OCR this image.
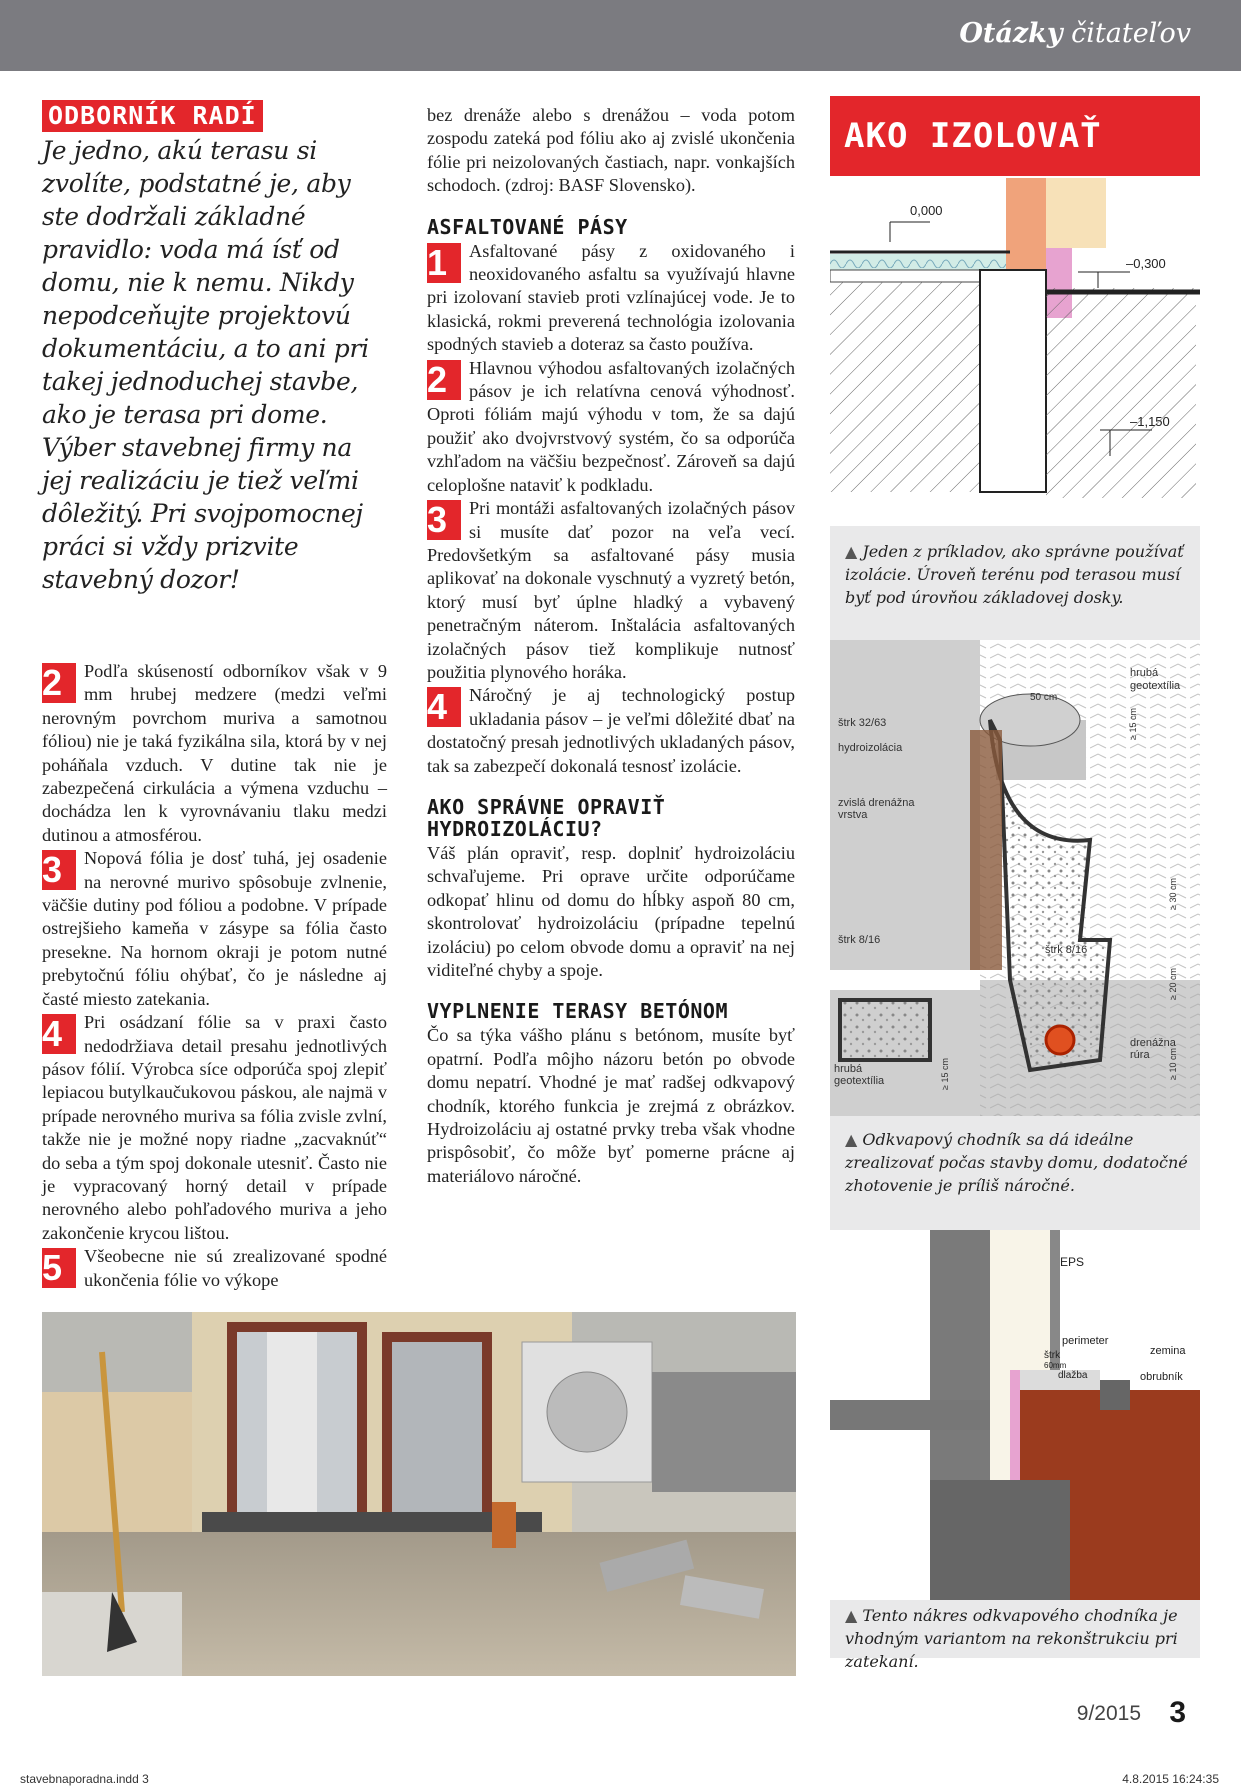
Otázky čitateľov
ODBORNÍK RADÍ
Je jedno, akú terasu si zvolíte, podstatné je, aby ste dodržali základné pravidlo: voda má ísť od domu, nie k nemu. Nikdy nepodceňujte projektovú dokumentáciu, a to ani pri takej jednoduchej stavbe, ako je terasa pri dome. Výber stavebnej firmy na jej realizáciu je tiež veľmi dôležitý. Pri svojpomocnej práci si vždy prizvite stavebný dozor!
2	Podľa skúseností odborníkov však v 9 mm hrubej medzere (medzi veľmi nerovným povrchom muriva a samotnou fóliou) nie je taká fyzikálna sila, ktorá by v nej poháňala vzduch. V dutine tak nie je zabezpečená cirkulácia a výmena vzduchu – dochádza len k vyrovnávaniu tlaku medzi dutinou a atmosférou.
3	Nopová fólia je dosť tuhá, jej osadenie na nerovné murivo spôsobuje zvlnenie, väčšie dutiny pod fóliou a podobne. V prípade ostrejšieho kameňa v zásype sa fólia často presekne. Na hornom okraji je potom nutné prebytočnú fóliu ohýbať, čo je následne aj časté miesto zatekania.
4	Pri osádzaní fólie sa v praxi často nedodržiava detail presahu jednotlivých pásov fólií. Výrobca síce odporúča spoj zlepiť lepiacou butylkaučukovou páskou, ale najmä v prípade nerovného muriva sa fólia zvisle zvlní, takže nie je možné nopy riadne „zacvaknúť“ do seba a tým spoj dokonale utesniť. Často nie je vypracovaný horný detail v prípade nerovného alebo pohľadového muriva a jeho zakončenie krycou lištou.
5	Všeobecne nie sú zrealizované spodné ukončenia fólie vo výkope
bez drenáže alebo s drenážou – voda potom zospodu zateká pod fóliu ako aj zvislé ukončenia fólie pri neizolovaných častiach, napr. vonkajších schodoch. (zdroj: BASF Slovensko).
ASFALTOVANÉ PÁSY
1	Asfaltované pásy z oxidovaného i neoxidovaného asfaltu sa využívajú hlavne pri izolovaní stavieb proti vzlínajúcej vode. Je to klasická, rokmi preverená technológia izolovania spodných stavieb a doteraz sa často používa.
2	Hlavnou výhodou asfaltovaných izolačných pásov je ich relatívna cenová výhodnosť. Oproti fóliám majú výhodu v tom, že sa dajú použiť ako dvojvrstvový systém, čo sa odporúča vzhľadom na väčšiu bezpečnosť. Zároveň sa dajú celoplošne nataviť k podkladu.
3	Pri montáži asfaltovaných izolačných pásov si musíte dať pozor na veľa vecí. Predovšetkým sa asfaltované pásy musia aplikovať na dokonale vyschnutý a vyzretý betón, ktorý musí byť úplne hladký a vybavený penetračným náterom. Inštalácia asfaltovaných izolačných pásov tiež komplikuje nutnosť použitia plynového horáka.
4	Náročný je aj technologický postup ukladania pásov – je veľmi dôležité dbať na dostatočný presah jednotlivých ukladaných pásov, tak sa zabezpečí dokonalá tesnosť izolácie.
AKO SPRÁVNE OPRAVIŤ HYDROIZOLÁCIU?
Váš plán opraviť, resp. doplniť hydroizoláciu schvaľujeme. Pri oprave určite odporúčame odkopať hlinu od domu do hĺbky aspoň 80 cm, skontrolovať hydroizoláciu (prípadne tepelnú izoláciu) po celom obvode domu a opraviť na nej viditeľné chyby a spoje.
VYPLNENIE TERASY BETÓNOM
Čo sa týka vášho plánu s betónom, musíte byť opatrní. Podľa môjho názoru betón po obvode domu nepatrí. Vhodné je mať radšej odkvapový chodník, ktorého funkcia je zrejmá z obrázkov. Hydroizoláciu aj ostatné prvky treba však vhodne prispôsobiť, čo môže byť pomerne prácne aj materiálovo náročné.
AKO IZOLOVAŤ
0,000
–0,300
–1,150
▲ Jeden z príkladov, ako správne používať izolácie. Úroveň terénu pod terasou musí byť pod úrovňou základovej dosky.
hrubá
geotextília
50 cm
štrk 32/63
hydroizolácia
zvislá drenážna
vrstva
štrk 8/16
štrk 8/16
hrubá
geotextília
drenážna
rúra
≥ 30 cm
≥ 20 cm
≥ 10 cm
≥ 15 cm
≥ 15 cm
▲ Odkvapový chodník sa dá ideálne zrealizovať počas stavby domu, dodatočné zhotovenie je príliš náročné.
EPS
perimeter
zemina
štrk
60mm
dlažba	obrubník
▲ Tento nákres odkvapového chodníka je vhodným variantom na rekonštrukciu pri zatekaní.
9/2015 3
stavebnaporadna.indd 3	4.8.2015 16:24:35
